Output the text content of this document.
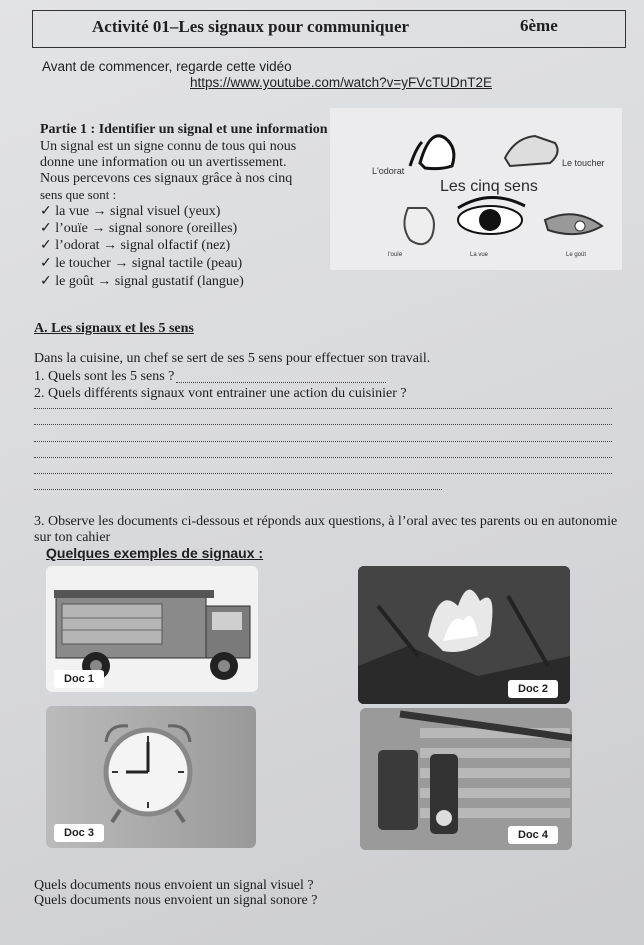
Activité 01–Les signaux pour communiquer	6ème
Avant de commencer, regarde cette vidéo
https://www.youtube.com/watch?v=yFVcTUDnT2E
Partie 1 : Identifier un signal et une information
Un signal est un signe connu de tous qui nous
donne une information ou un avertissement.
Nous percevons ces signaux grâce à nos cinq
sens que sont :
✓ la vue → signal visuel (yeux)
✓ l’ouïe → signal sonore (oreilles)
✓ l’odorat → signal olfactif (nez)
✓ le toucher → signal tactile (peau)
✓ le goût → signal gustatif (langue)
L'odorat
Le toucher
l'ouïe	La vue	Le goût
Les cinq sens
A. Les signaux et les 5 sens
Dans la cuisine, un chef se sert de ses 5 sens pour effectuer son travail.
1. Quels sont les 5 sens ?
2. Quels différents signaux vont entrainer une action du cuisinier ?
3. Observe les documents ci-dessous et réponds aux questions, à l’oral avec tes parents ou en autonomie sur ton cahier
Quelques exemples de signaux :
Doc 1
Doc 2
Doc 3	Doc 4
Quels documents nous envoient un signal visuel ?
Quels documents nous envoient un signal sonore ?
